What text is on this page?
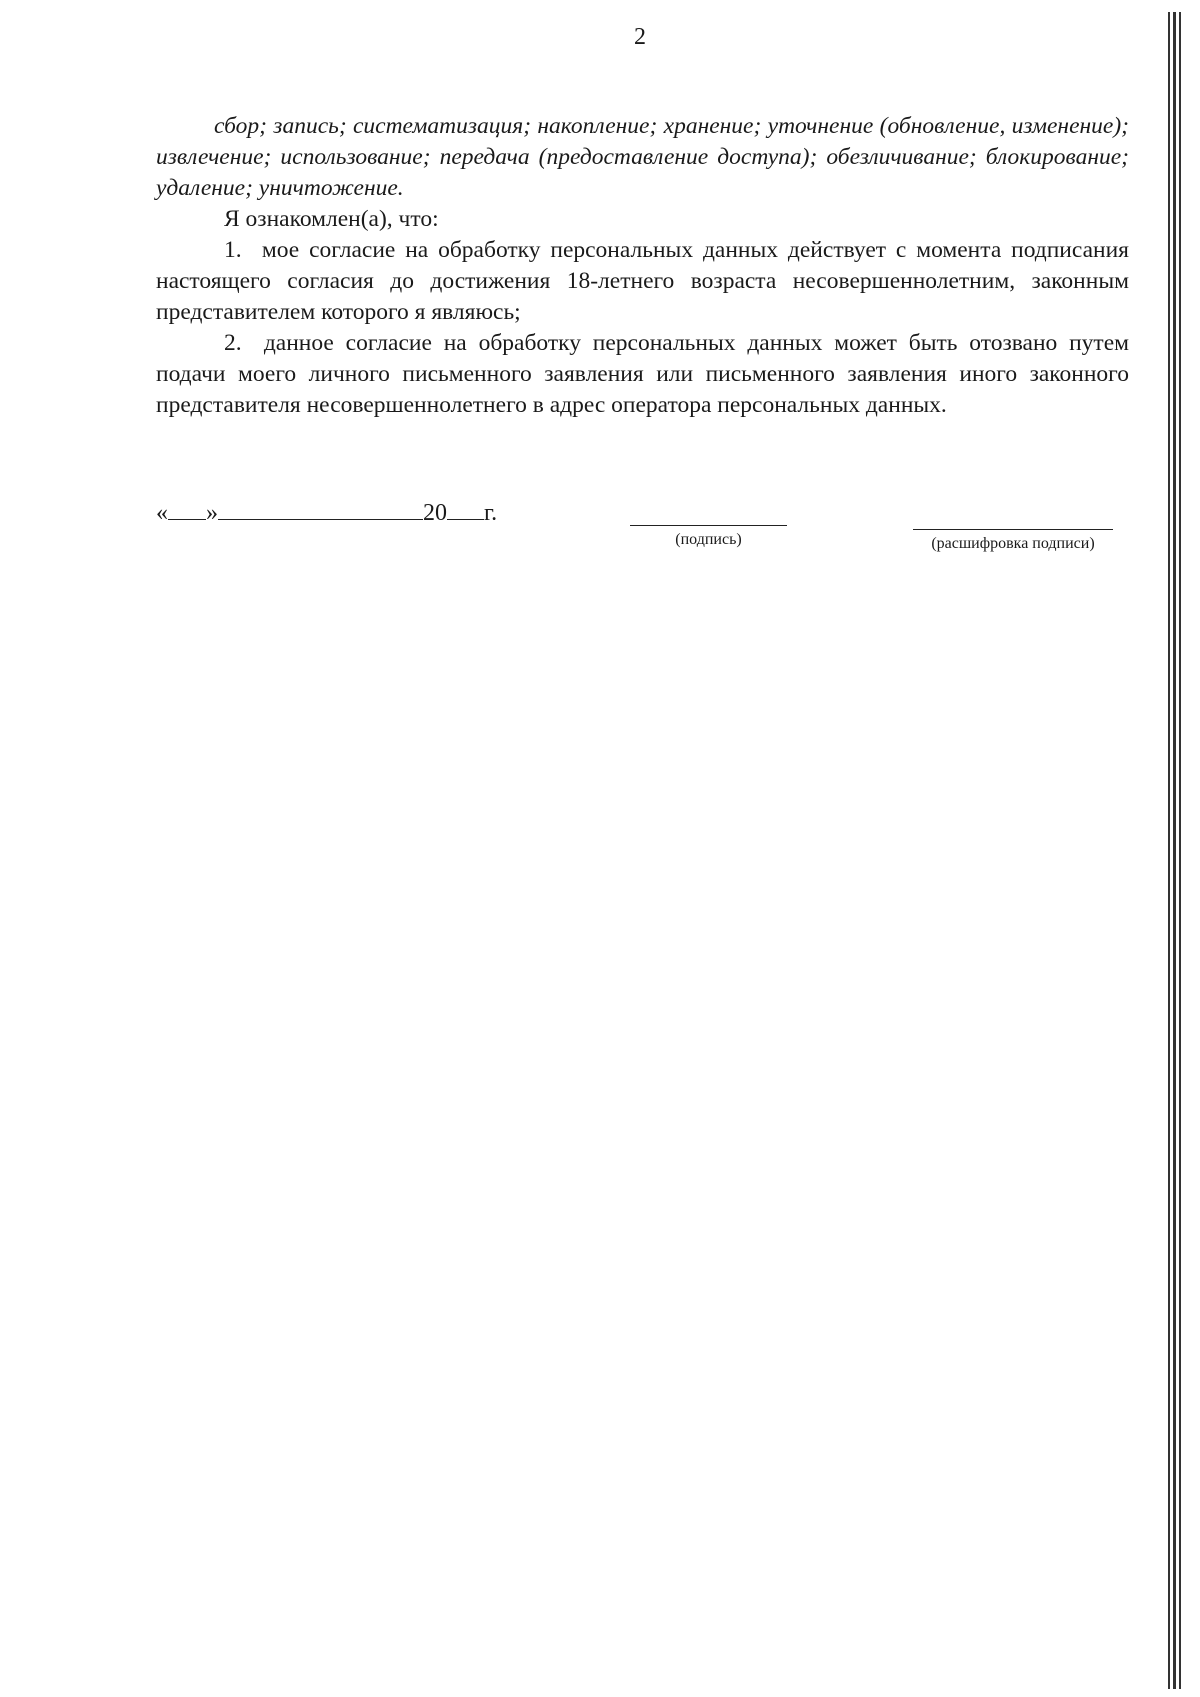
2

сбор; запись; систематизация; накопление; хранение; уточнение (обновление, изменение); извлечение; использование; передача (предоставление доступа); обезличивание; блокирование; удаление; уничтожение.

Я ознакомлен(а), что:

1. мое согласие на обработку персональных данных действует с момента подписания настоящего согласия до достижения 18-летнего возраста несовершеннолетним, законным представителем которого я являюсь;

2. данное согласие на обработку персональных данных может быть отозвано путем подачи моего личного письменного заявления или письменного заявления иного законного представителя несовершеннолетнего в адрес оператора персональных данных.

« »	20 г.
(подпись)	(расшифровка подписи)
